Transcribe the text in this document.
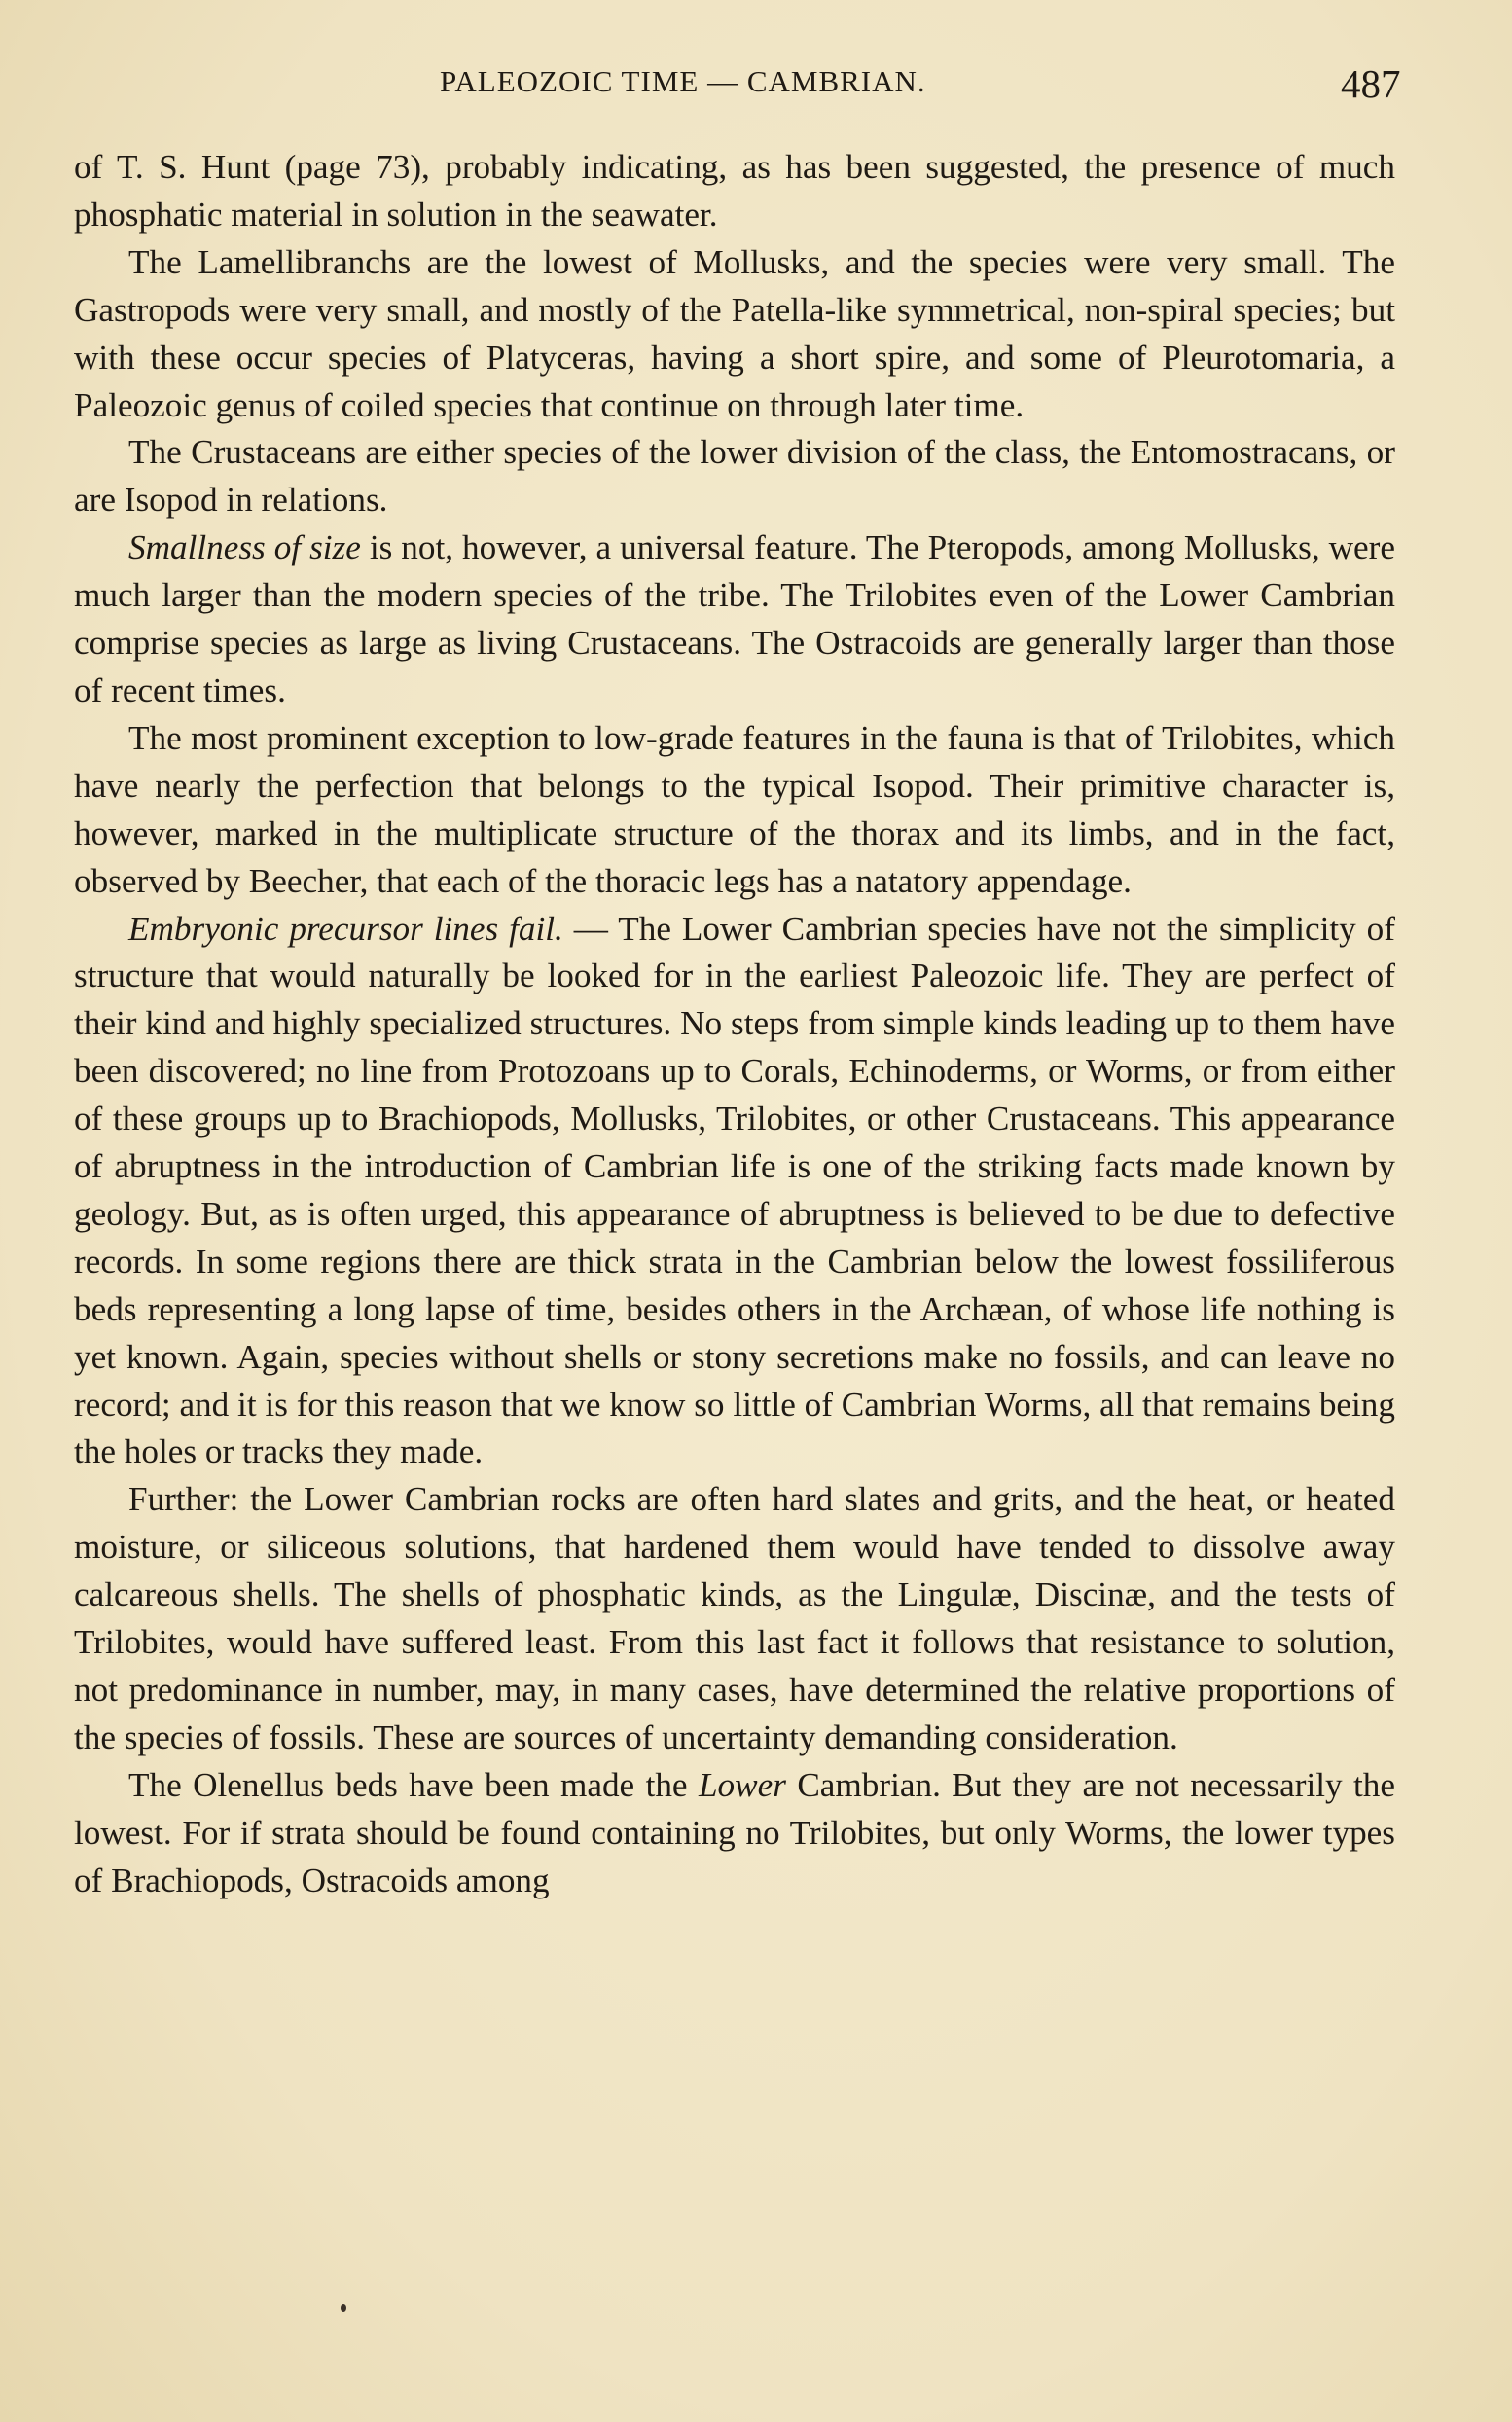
PALEOZOIC TIME — CAMBRIAN.	487

of T. S. Hunt (page 73), probably indicating, as has been suggested, the presence of much phosphatic material in solution in the seawater.

The Lamellibranchs are the lowest of Mollusks, and the species were very small. The Gastropods were very small, and mostly of the Patella-like symmetrical, non-spiral species; but with these occur species of Platyceras, having a short spire, and some of Pleurotomaria, a Paleozoic genus of coiled species that continue on through later time.

The Crustaceans are either species of the lower division of the class, the Entomostracans, or are Isopod in relations.

Smallness of size is not, however, a universal feature. The Pteropods, among Mollusks, were much larger than the modern species of the tribe. The Trilobites even of the Lower Cambrian comprise species as large as living Crustaceans. The Ostracoids are generally larger than those of recent times.

The most prominent exception to low-grade features in the fauna is that of Trilobites, which have nearly the perfection that belongs to the typical Isopod. Their primitive character is, however, marked in the multiplicate structure of the thorax and its limbs, and in the fact, observed by Beecher, that each of the thoracic legs has a natatory appendage.

Embryonic precursor lines fail. — The Lower Cambrian species have not the simplicity of structure that would naturally be looked for in the earliest Paleozoic life. They are perfect of their kind and highly specialized structures. No steps from simple kinds leading up to them have been discovered; no line from Protozoans up to Corals, Echinoderms, or Worms, or from either of these groups up to Brachiopods, Mollusks, Trilobites, or other Crustaceans. This appearance of abruptness in the introduction of Cambrian life is one of the striking facts made known by geology. But, as is often urged, this appearance of abruptness is believed to be due to defective records. In some regions there are thick strata in the Cambrian below the lowest fossiliferous beds representing a long lapse of time, besides others in the Archæan, of whose life nothing is yet known. Again, species without shells or stony secretions make no fossils, and can leave no record; and it is for this reason that we know so little of Cambrian Worms, all that remains being the holes or tracks they made.

Further: the Lower Cambrian rocks are often hard slates and grits, and the heat, or heated moisture, or siliceous solutions, that hardened them would have tended to dissolve away calcareous shells. The shells of phosphatic kinds, as the Lingulæ, Discinæ, and the tests of Trilobites, would have suffered least. From this last fact it follows that resistance to solution, not predominance in number, may, in many cases, have determined the relative proportions of the species of fossils. These are sources of uncertainty demanding consideration.

The Olenellus beds have been made the Lower Cambrian. But they are not necessarily the lowest. For if strata should be found containing no Trilobites, but only Worms, the lower types of Brachiopods, Ostracoids among
